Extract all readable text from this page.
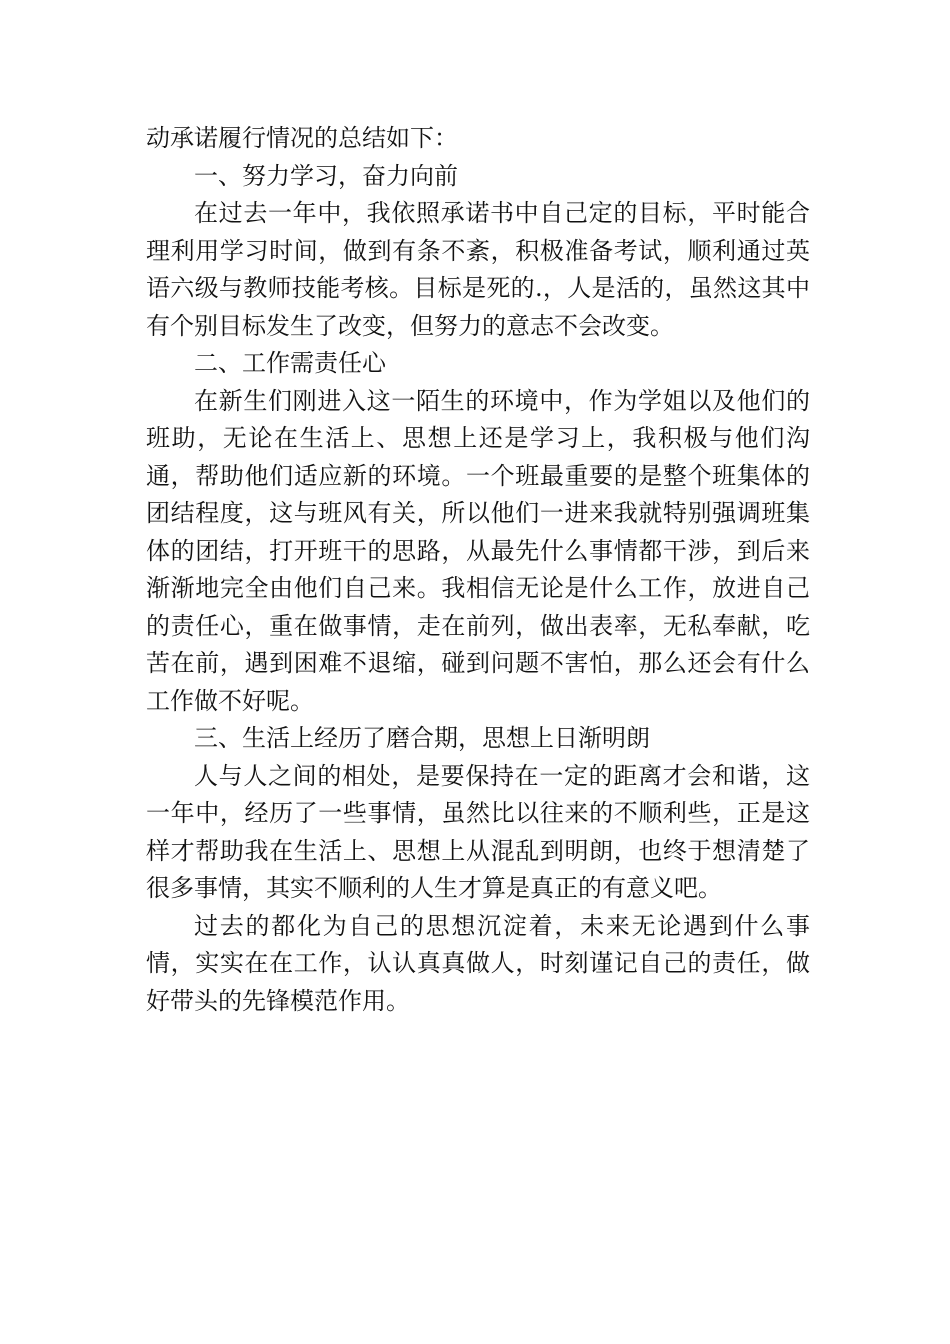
动承诺履行情况的总结如下：

一、努力学习，奋力向前

在过去一年中，我依照承诺书中自己定的目标，平时能合理利用学习时间，做到有条不紊，积极准备考试，顺利通过英语六级与教师技能考核。目标是死的.，人是活的，虽然这其中有个别目标发生了改变，但努力的意志不会改变。

二、工作需责任心

在新生们刚进入这一陌生的环境中，作为学姐以及他们的班助，无论在生活上、思想上还是学习上，我积极与他们沟通，帮助他们适应新的环境。一个班最重要的是整个班集体的团结程度，这与班风有关，所以他们一进来我就特别强调班集体的团结，打开班干的思路，从最先什么事情都干涉，到后来渐渐地完全由他们自己来。我相信无论是什么工作，放进自己的责任心，重在做事情，走在前列，做出表率，无私奉献，吃苦在前，遇到困难不退缩，碰到问题不害怕，那么还会有什么工作做不好呢。

三、生活上经历了磨合期，思想上日渐明朗

人与人之间的相处，是要保持在一定的距离才会和谐，这一年中，经历了一些事情，虽然比以往来的不顺利些，正是这样才帮助我在生活上、思想上从混乱到明朗，也终于想清楚了很多事情，其实不顺利的人生才算是真正的有意义吧。

过去的都化为自己的思想沉淀着，未来无论遇到什么事情，实实在在工作，认认真真做人，时刻谨记自己的责任，做好带头的先锋模范作用。
